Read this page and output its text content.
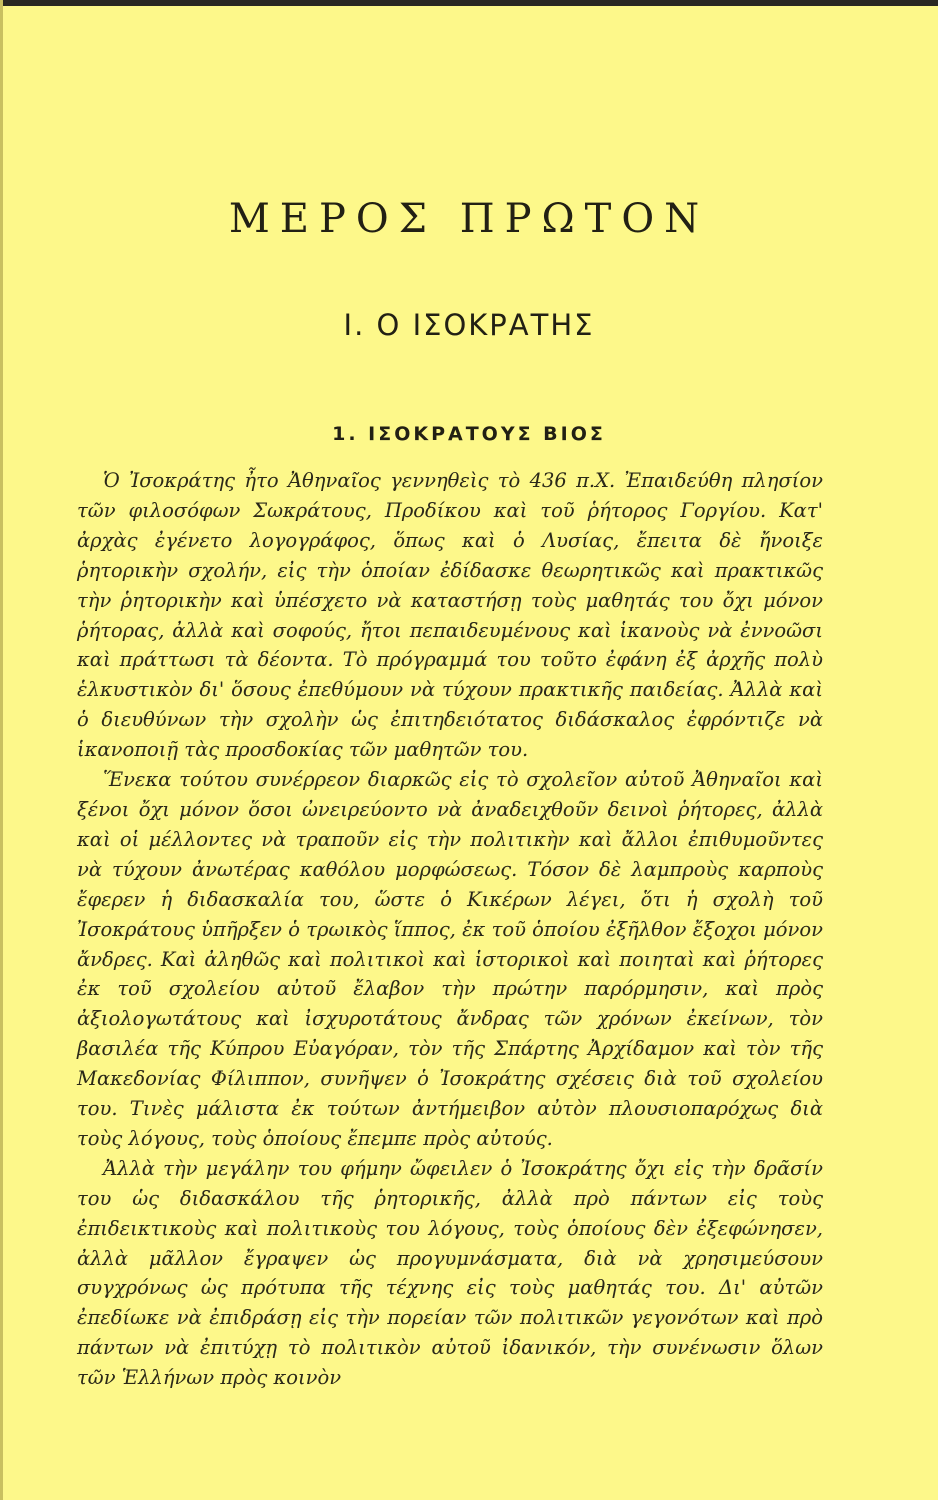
ΜΕΡΟΣ ΠΡΩΤΟΝ
I. Ο ΙΣΟΚΡΑΤΗΣ
1. ΙΣΟΚΡΑΤΟΥΣ ΒΙΟΣ

Ὁ Ἰσοκράτης ἦτο Ἀθηναῖος γεννηθεὶς τὸ 436 π.Χ. Ἐπαιδεύθη πλησίον τῶν φιλοσόφων Σωκράτους, Προδίκου καὶ τοῦ ῥήτορος Γοργίου. Κατ' ἀρχὰς ἐγένετο λογογράφος, ὅπως καὶ ὁ Λυσίας, ἔπειτα δὲ ἤνοιξε ῥητορικὴν σχολήν, εἰς τὴν ὁποίαν ἐδίδασκε θεωρητικῶς καὶ πρακτικῶς τὴν ῥητορικὴν καὶ ὑπέσχετο νὰ καταστήσῃ τοὺς μαθητάς του ὄχι μόνον ῥήτορας, ἀλλὰ καὶ σοφούς, ἤτοι πεπαιδευμένους καὶ ἱκανοὺς νὰ ἐννοῶσι καὶ πράττωσι τὰ δέοντα. Τὸ πρόγραμμά του τοῦτο ἐφάνη ἐξ ἀρχῆς πολὺ ἑλκυστικὸν δι' ὅσους ἐπεθύμουν νὰ τύχουν πρακτικῆς παιδείας. Ἀλλὰ καὶ ὁ διευθύνων τὴν σχολὴν ὡς ἐπιτηδειότατος διδάσκαλος ἐφρόντιζε νὰ ἱκανοποιῇ τὰς προσδοκίας τῶν μαθητῶν του.

Ἕνεκα τούτου συνέρρεον διαρκῶς εἰς τὸ σχολεῖον αὐτοῦ Ἀθηναῖοι καὶ ξένοι ὄχι μόνον ὅσοι ὠνειρεύοντο νὰ ἀναδειχθοῦν δεινοὶ ῥήτορες, ἀλλὰ καὶ οἱ μέλλοντες νὰ τραποῦν εἰς τὴν πολιτικὴν καὶ ἄλλοι ἐπιθυμοῦντες νὰ τύχουν ἀνωτέρας καθόλου μορφώσεως. Τόσον δὲ λαμπροὺς καρποὺς ἔφερεν ἡ διδασκαλία του, ὥστε ὁ Κικέρων λέγει, ὅτι ἡ σχολὴ τοῦ Ἰσοκράτους ὑπῆρξεν ὁ τρωικὸς ἵππος, ἐκ τοῦ ὁποίου ἐξῆλθον ἔξοχοι μόνον ἄνδρες. Καὶ ἀληθῶς καὶ πολιτικοὶ καὶ ἱστορικοὶ καὶ ποιηταὶ καὶ ῥήτορες ἐκ τοῦ σχολείου αὐτοῦ ἔλαβον τὴν πρώτην παρόρμησιν, καὶ πρὸς ἀξιολογωτάτους καὶ ἰσχυροτάτους ἄνδρας τῶν χρόνων ἐκείνων, τὸν βασιλέα τῆς Κύπρου Εὐαγόραν, τὸν τῆς Σπάρτης Ἀρχίδαμον καὶ τὸν τῆς Μακεδονίας Φίλιππον, συνῆψεν ὁ Ἰσοκράτης σχέσεις διὰ τοῦ σχολείου του. Τινὲς μάλιστα ἐκ τούτων ἀντήμειβον αὐτὸν πλουσιοπαρόχως διὰ τοὺς λόγους, τοὺς ὁποίους ἔπεμπε πρὸς αὐτούς.

Ἀλλὰ τὴν μεγάλην του φήμην ὤφειλεν ὁ Ἰσοκράτης ὄχι εἰς τὴν δρᾶσίν του ὡς διδασκάλου τῆς ῥητορικῆς, ἀλλὰ πρὸ πάντων εἰς τοὺς ἐπιδεικτικοὺς καὶ πολιτικοὺς του λόγους, τοὺς ὁποίους δὲν ἐξεφώνησεν, ἀλλὰ μᾶλλον ἔγραψεν ὡς προγυμνάσματα, διὰ νὰ χρησιμεύσουν συγχρόνως ὡς πρότυπα τῆς τέχνης εἰς τοὺς μαθητάς του. Δι' αὐτῶν ἐπεδίωκε νὰ ἐπιδράσῃ εἰς τὴν πορείαν τῶν πολιτικῶν γεγονότων καὶ πρὸ πάντων νὰ ἐπιτύχῃ τὸ πολιτικὸν αὐτοῦ ἰδανικόν, τὴν συνένωσιν ὅλων τῶν Ἑλλήνων πρὸς κοινὸν
